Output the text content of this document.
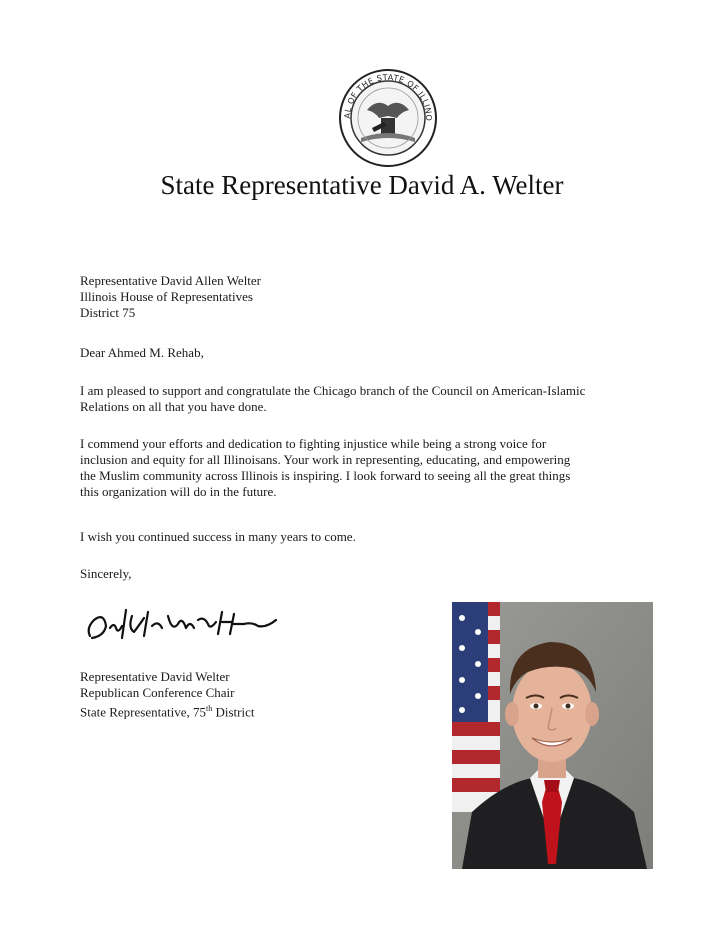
AL OF THE STATE OF ILLINO
State Representative David A. Welter
Representative David Allen Welter
Illinois House of Representatives
District 75
Dear Ahmed M. Rehab,
I am pleased to support and congratulate the Chicago branch of the Council on American-Islamic
Relations on all that you have done.
I commend your efforts and dedication to fighting injustice while being a strong voice for
inclusion and equity for all Illinoisans. Your work in representing, educating, and empowering
the Muslim community across Illinois is inspiring. I look forward to seeing all the great things
this organization will do in the future.
I wish you continued success in many years to come.
Sincerely,
Representative David Welter
Republican Conference Chair
State Representative, 75th District
